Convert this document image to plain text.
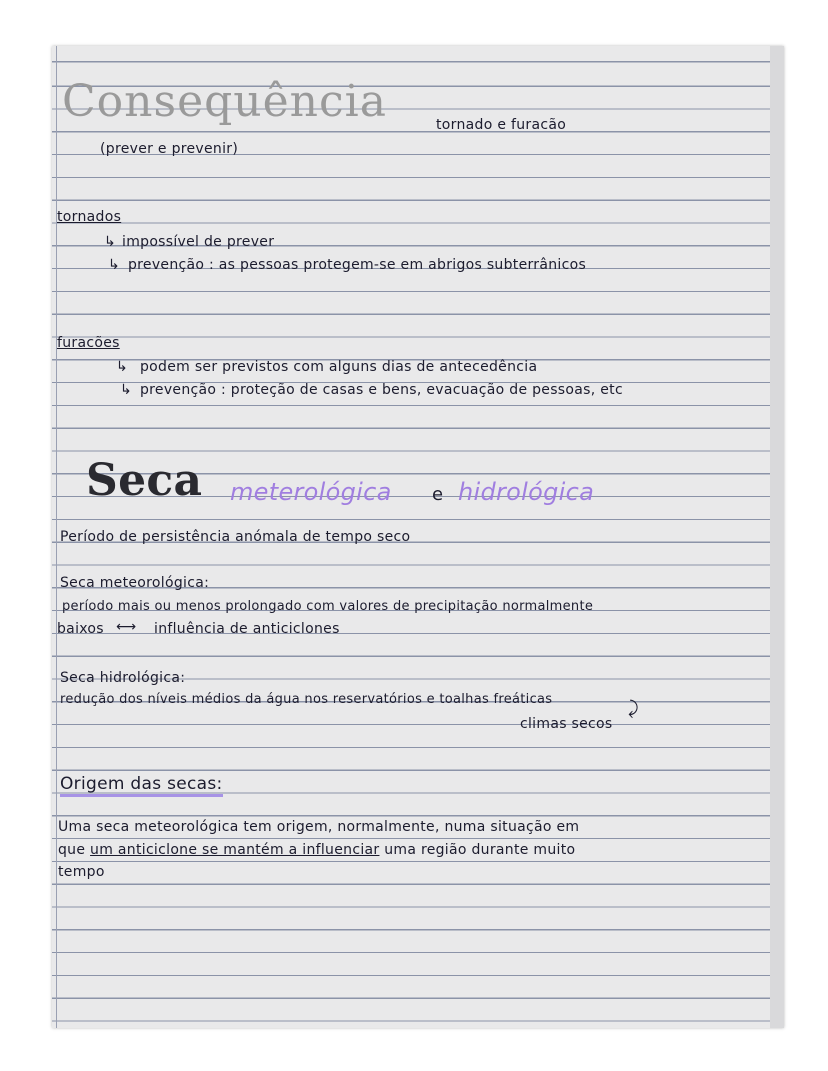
Consequência	tornado e furacão
(prever e prevenir)
tornados
↳ impossível de prever
↳ prevenção : as pessoas protegem-se em abrigos subterrânicos
furacões
↳ podem ser previstos com alguns dias de antecedência
↳ prevenção : proteção de casas e bens, evacuação de pessoas, etc
Seca meterológica e hidrológica
Período de persistência anómala de tempo seco
Seca meteorológica:
período mais ou menos prolongado com valores de precipitação normalmente
baixos ⟷ influência de anticiclones
Seca hidrológica:
redução dos níveis médios da água nos reservatórios e toalhas freáticas	⤸
climas secos
Origem das secas:
Uma seca meteorológica tem origem, normalmente, numa situação em
que um anticiclone se mantém a influenciar uma região durante muito
tempo
